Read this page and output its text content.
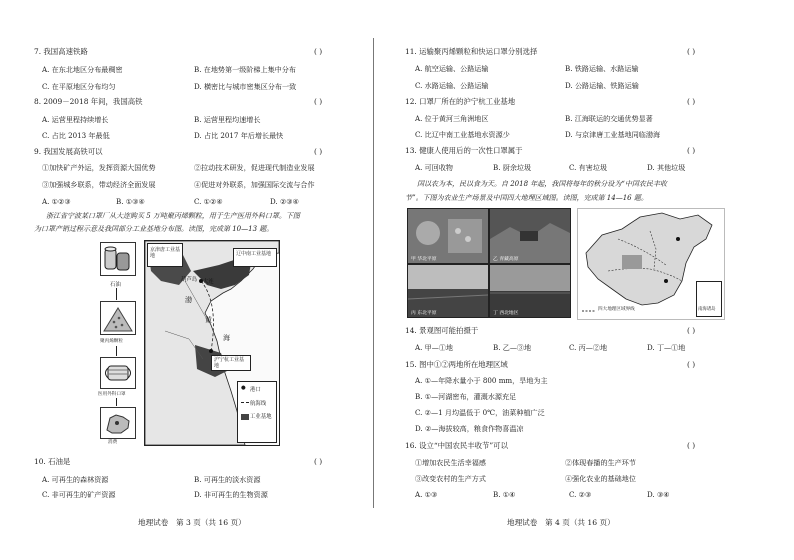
7. 我国高速铁路	( )
A. 在东北地区分布最稠密	B. 在地势第一级阶梯上集中分布
C. 在平原地区分布均匀	D. 横密比与城市密集区分布一致
8. 2009－2018 年间，我国高铁	( )
A. 运营里程持续增长	B. 运营里程均速增长
C. 占比 2013 年最低	D. 占比 2017 年后增长最快
9. 我国发展高铁可以	( )
①加快矿产外运，发挥资源大国优势	②拉动技术研发，促进现代制造业发展
③加强城乡联系，带动经济全面发展	④促进对外联系，加强国际交流与合作
A. ①②③	B. ①③④	C. ①②④	D. ②③④
浙江省宁波某口罩厂从大连购买 5 万吨聚丙烯颗粒，用于生产医用外科口罩。下图
为口罩产销过程示意及我国部分工业基地分布图。读图，完成第 10—13 题。
石油
聚丙烯颗粒
医用外科口罩
消费
京津唐工业基地	辽中南工业基地
葫芦岛 大连
渤
黄
海
沪宁杭工业基地
● 港口
航海线
工业基地
10. 石油是	( )
A. 可再生的森林资源	B. 可再生的淡水资源
C. 非可再生的矿产资源	D. 非可再生的生物资源
地理试卷　第 3 页（共 16 页）
11. 运输聚丙烯颗粒和快运口罩分别选择	( )
A. 航空运输、公路运输	B. 铁路运输、水路运输
C. 水路运输、公路运输	D. 公路运输、铁路运输
12. 口罩厂所在的沪宁杭工业基地	( )
A. 位于黄河三角洲地区	B. 江海联运的交通优势显著
C. 比辽中南工业基地水资源少	D. 与京津唐工业基地同临渤海
13. 健康人使用后的一次性口罩属于	( )
A. 可回收物	B. 厨余垃圾	C. 有害垃圾	D. 其他垃圾
国以农为本，民以食为天。自 2018 年起，我国将每年的秋分设为“中国农民丰收
节”。下图为农业生产场景及中国四大地理区域图。读图，完成第 14—16 题。
甲 华北平原	乙 青藏高原
丙 东北平原	丁 西北地区
四大地理区域界线	南海诸岛
14. 景观图可能拍摄于	( )
A. 甲—①地	B. 乙—③地	C. 丙—②地	D. 丁—①地
15. 图中①②两地所在地理区域	( )
A. ①—年降水量小于 800 mm，旱地为主
B. ①—河湖密布，灌溉水源充足
C. ②—1 月均温低于 0℃，油菜种植广泛
D. ②—海拔较高，粮食作物喜温凉
16. 设立“中国农民丰收节”可以	( )
①增加农民生活幸福感	②体现春播的生产环节
③改变农村的生产方式	④强化农业的基础地位
A. ①③	B. ①④	C. ②③	D. ③④
地理试卷　第 4 页（共 16 页）
